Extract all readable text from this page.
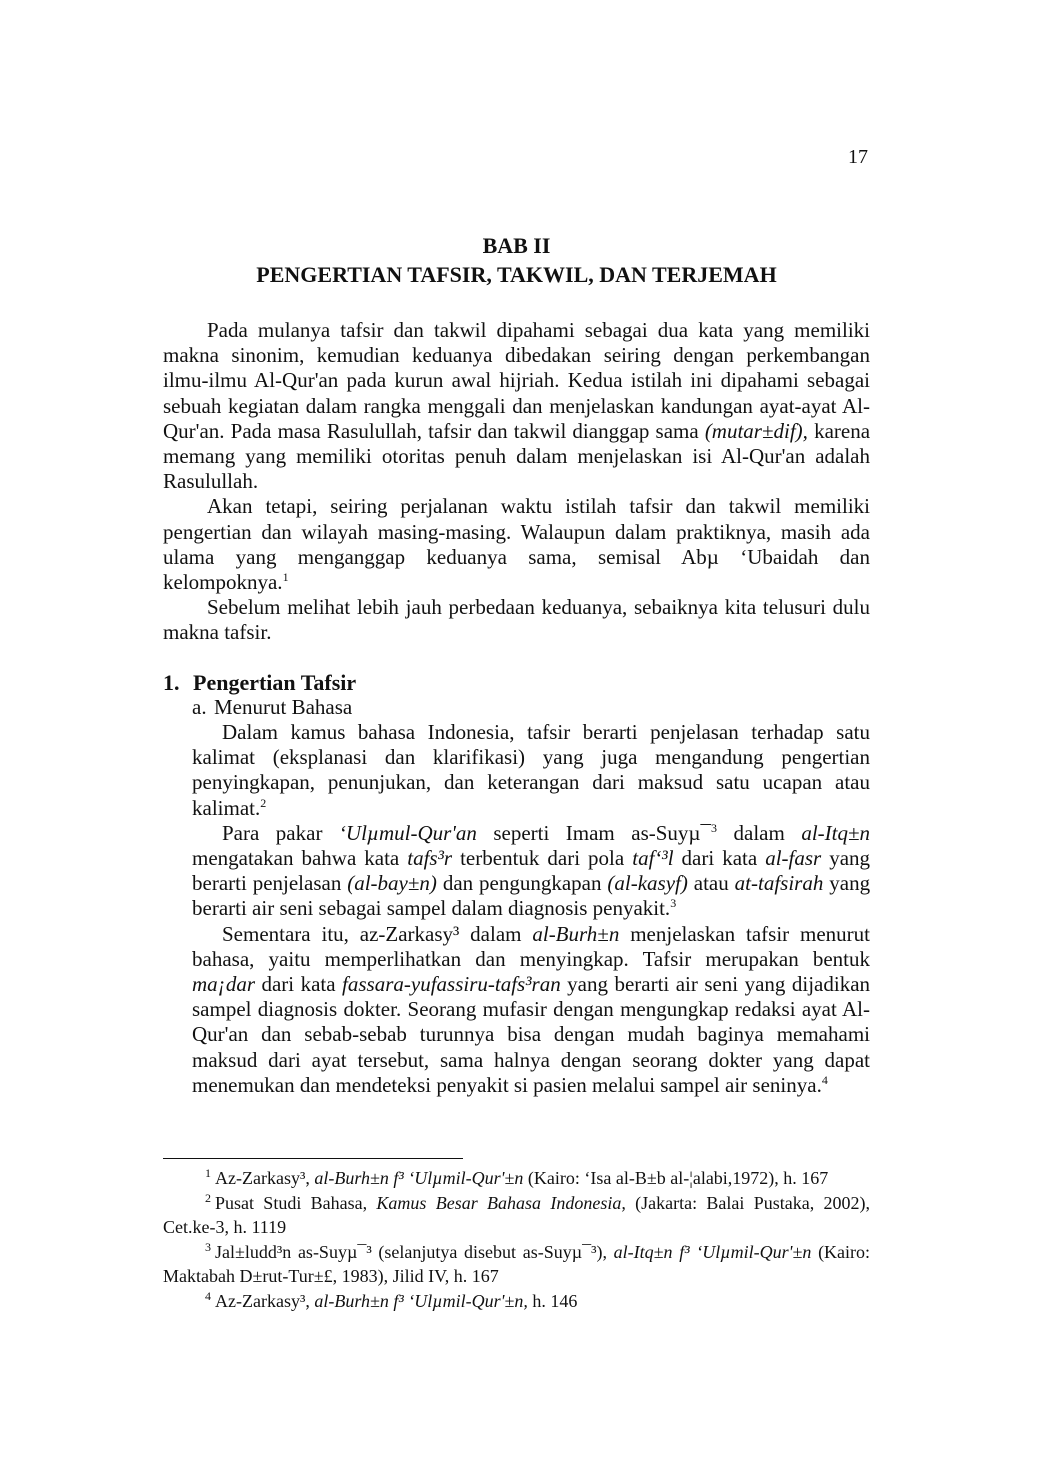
17
BAB II
PENGERTIAN TAFSIR, TAKWIL, DAN TERJEMAH

Pada mulanya tafsir dan takwil dipahami sebagai dua kata yang memiliki makna sinonim, kemudian keduanya dibedakan seiring dengan perkembangan ilmu-ilmu Al-Qur'an pada kurun awal hijriah. Kedua istilah ini dipahami sebagai sebuah kegiatan dalam rangka menggali dan menjelaskan kandungan ayat-ayat Al-Qur'an. Pada masa Rasulullah, tafsir dan takwil dianggap sama (mutar±dif), karena memang yang memiliki otoritas penuh dalam menjelaskan isi Al-Qur'an adalah Rasulullah.

Akan tetapi, seiring perjalanan waktu istilah tafsir dan takwil memiliki pengertian dan wilayah masing-masing. Walaupun dalam praktiknya, masih ada ulama yang menganggap keduanya sama, semisal Abµ ‘Ubaidah dan kelompoknya.$^1$

Sebelum melihat lebih jauh perbedaan keduanya, sebaiknya kita telusuri dulu makna tafsir.

1. Pengertian Tafsir
a. Menurut Bahasa

Dalam kamus bahasa Indonesia, tafsir berarti penjelasan terhadap satu kalimat (eksplanasi dan klarifikasi) yang juga mengandung pengertian penyingkapan, penunjukan, dan keterangan dari maksud satu ucapan atau kalimat.$^2$

Para pakar ‘Ulµmul-Qur'an seperti Imam as-Suyµ¯$^3$ dalam al-Itq±n mengatakan bahwa kata tafs³r terbentuk dari pola taf‘³l dari kata al-fasr yang berarti penjelasan (al-bay±n) dan pengungkapan (al-kasyf) atau at-tafsirah yang berarti air seni sebagai sampel dalam diagnosis penyakit.$^3$

Sementara itu, az-Zarkasy³ dalam al-Burh±n menjelaskan tafsir menurut bahasa, yaitu memperlihatkan dan menyingkap. Tafsir merupakan bentuk ma¡dar dari kata fassara-yufassiru-tafs³ran yang berarti air seni yang dijadikan sampel diagnosis dokter. Seorang mufasir dengan mengungkap redaksi ayat Al-Qur'an dan sebab-sebab turunnya bisa dengan mudah baginya memahami maksud dari ayat tersebut, sama halnya dengan seorang dokter yang dapat menemukan dan mendeteksi penyakit si pasien melalui sampel air seninya.$^4$

$^1$ Az-Zarkasy³, al-Burh±n f³ ‘Ulµmil-Qur'±n (Kairo: ‘Isa al-B±b al-¦alabi,1972), h. 167

$^2$ Pusat Studi Bahasa, Kamus Besar Bahasa Indonesia, (Jakarta: Balai Pustaka, 2002), Cet.ke-3, h. 1119

$^3$ Jal±ludd³n as-Suyµ¯³ (selanjutya disebut as-Suyµ¯³), al-Itq±n f³ ‘Ulµmil-Qur'±n (Kairo: Maktabah D±rut-Tur±£, 1983), Jilid IV, h. 167

$^4$ Az-Zarkasy³, al-Burh±n f³ ‘Ulµmil-Qur'±n, h. 146
